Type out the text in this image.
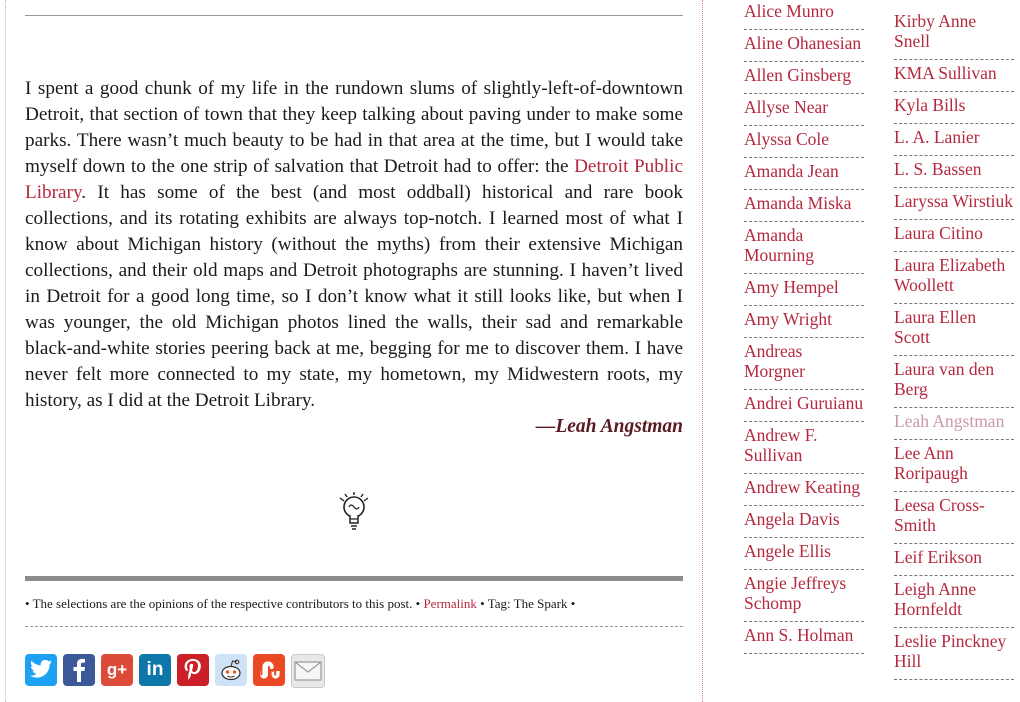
I spent a good chunk of my life in the rundown slums of slightly-left-of-downtown Detroit, that section of town that they keep talking about paving under to make some parks. There wasn’t much beauty to be had in that area at the time, but I would take myself down to the one strip of salvation that Detroit had to offer: the Detroit Public Library. It has some of the best (and most oddball) historical and rare book collections, and its rotating exhibits are always top-notch. I learned most of what I know about Michigan history (without the myths) from their extensive Michigan collections, and their old maps and Detroit photographs are stunning. I haven’t lived in Detroit for a good long time, so I don’t know what it still looks like, but when I was younger, the old Michigan photos lined the walls, their sad and remarkable black-and-white stories peering back at me, begging for me to discover them. I have never felt more connected to my state, my hometown, my Midwestern roots, my history, as I did at the Detroit Library.

—Leah Angstman
• The selections are the opinions of the respective contributors to this post. • Permalink • Tag: The Spark •
g+ in
Alice Munro
Aline Ohanesian
Allen Ginsberg
Allyse Near
Alyssa Cole
Amanda Jean
Amanda Miska
Amanda Mourning
Amy Hempel
Amy Wright
Andreas Morgner
Andrei Guruianu
Andrew F. Sullivan
Andrew Keating
Angela Davis
Angele Ellis
Angie Jeffreys Schomp
Ann S. Holman
Kirby Anne Snell
KMA Sullivan
Kyla Bills
L. A. Lanier
L. S. Bassen
Laryssa Wirstiuk
Laura Citino
Laura Elizabeth Woollett
Laura Ellen Scott
Laura van den Berg
Leah Angstman
Lee Ann Roripaugh
Leesa Cross-Smith
Leif Erikson
Leigh Anne Hornfeldt
Leslie Pinckney Hill
